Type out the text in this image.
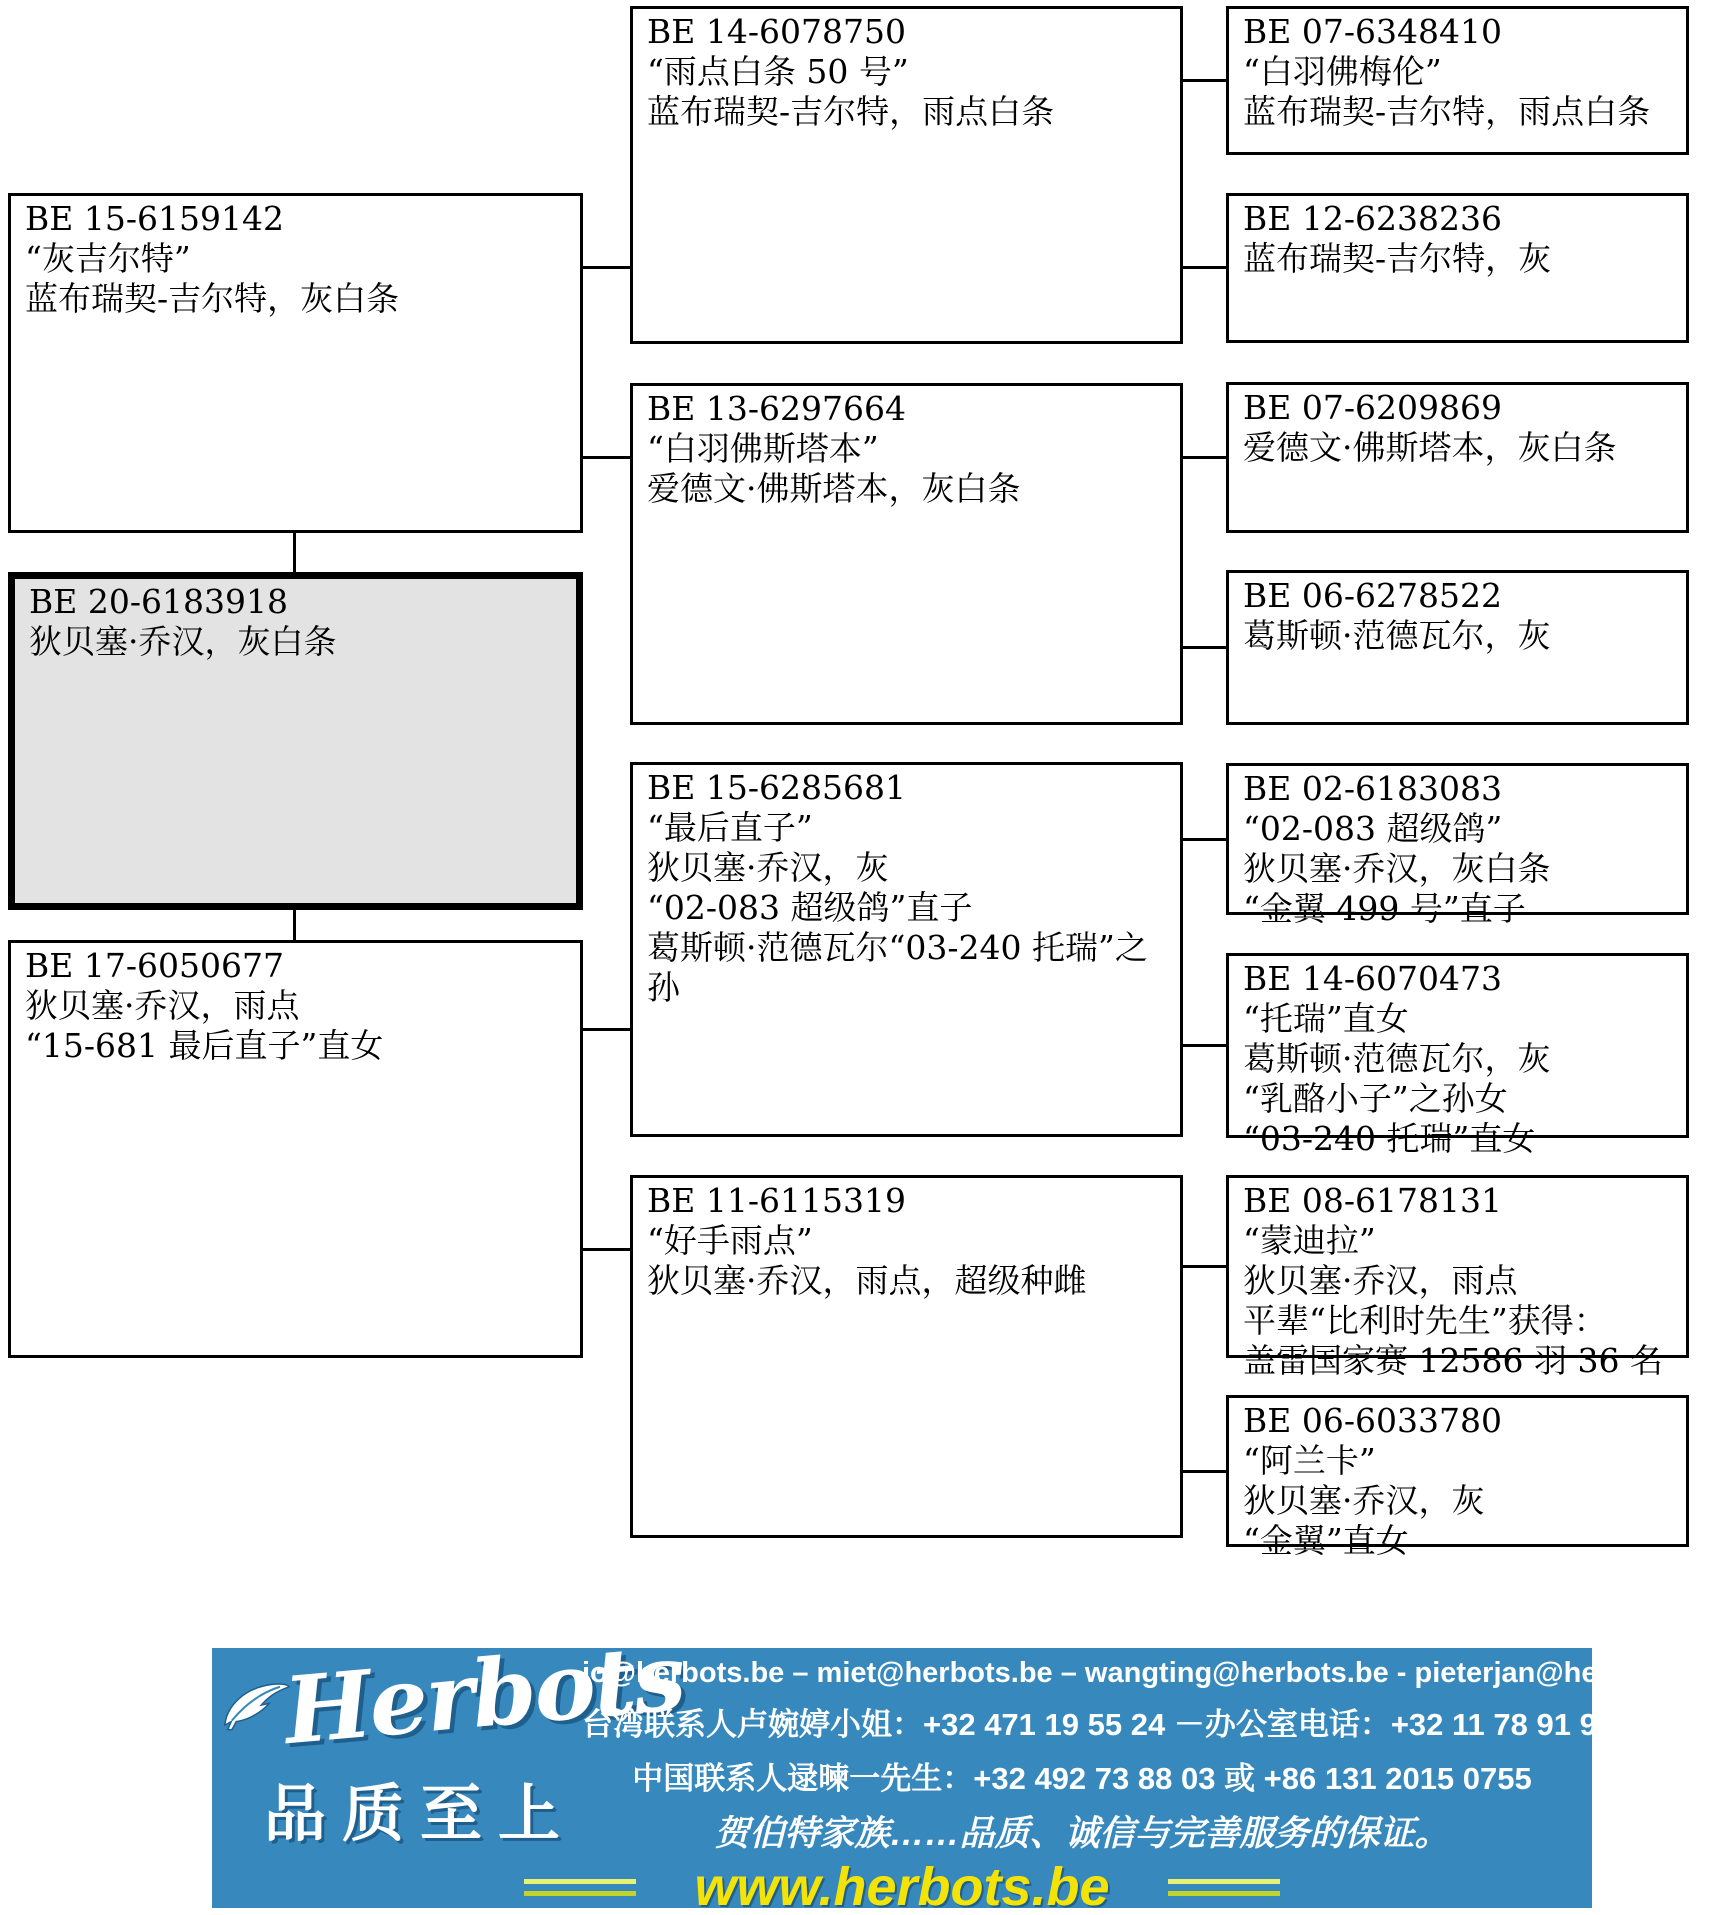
BE 15-6159142
“灰吉尔特”
蓝布瑞契-吉尔特，灰白条
BE 20-6183918
狄贝塞·乔汉，灰白条
BE 17-6050677
狄贝塞·乔汉，雨点
“15-681 最后直子”直女
BE 14-6078750
“雨点白条 50 号”
蓝布瑞契-吉尔特，雨点白条
BE 13-6297664
“白羽佛斯塔本”
爱德文·佛斯塔本，灰白条
BE 15-6285681
“最后直子”
狄贝塞·乔汉，灰
“02-083 超级鸽”直子
葛斯顿·范德瓦尔“03-240 托瑞”之孙
BE 11-6115319
“好手雨点”
狄贝塞·乔汉，雨点，超级种雌
BE 07-6348410
“白羽佛梅伦”
蓝布瑞契-吉尔特，雨点白条
BE 12-6238236
蓝布瑞契-吉尔特，灰
BE 07-6209869
爱德文·佛斯塔本，灰白条
BE 06-6278522
葛斯顿·范德瓦尔，灰
BE 02-6183083
“02-083 超级鸽”
狄贝塞·乔汉，灰白条
“金翼 499 号”直子
BE 14-6070473
“托瑞”直女
葛斯顿·范德瓦尔，灰
“乳酪小子”之孙女
“03-240 托瑞”直女
BE 08-6178131
“蒙迪拉”
狄贝塞·乔汉，雨点
平辈“比利时先生”获得：
盖雷国家赛 12586 羽 36 名
BE 06-6033780
“阿兰卡”
狄贝塞·乔汉，灰
“金翼”直女
Herbots
品质至上
jo@herbots.be – miet@herbots.be – wangting@herbots.be - pieterjan@herbots.be
台湾联系人卢婉婷小姐：+32 471 19 55 24 －办公室电话：+32 11 78 91 90
中国联系人逯暕一先生：+32 492 73 88 03 或 +86 131 2015 0755
贺伯特家族……品质、诚信与完善服务的保证。
www.herbots.be
